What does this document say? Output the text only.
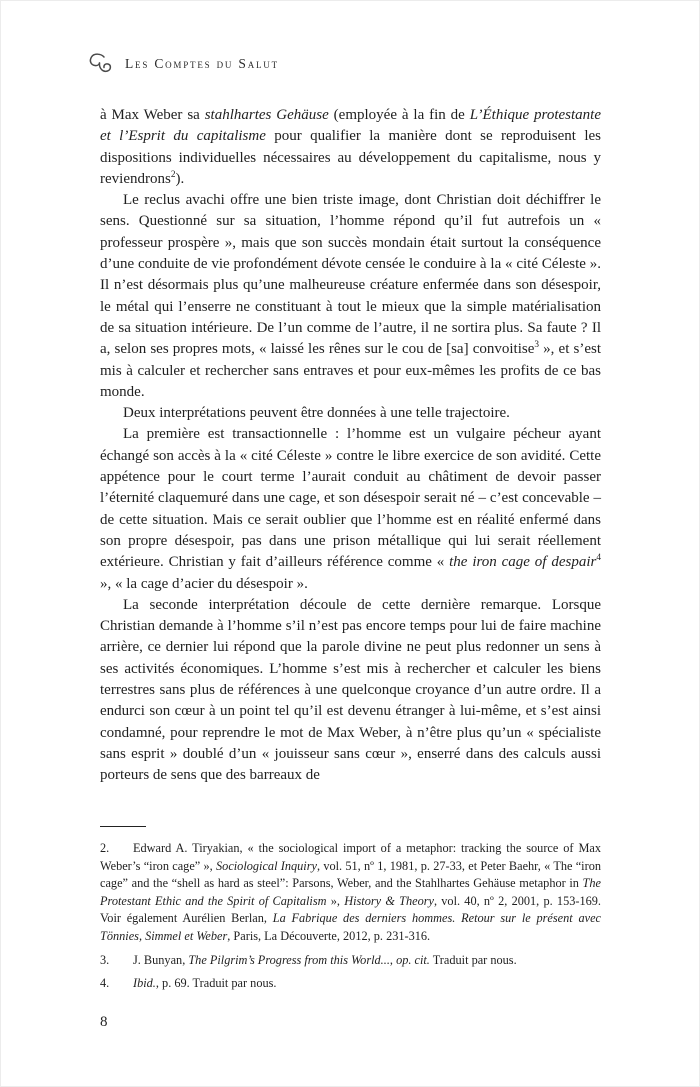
Les Comptes du Salut

à Max Weber sa stahlhartes Gehäuse (employée à la fin de L’Éthique protestante et l’Esprit du capitalisme pour qualifier la manière dont se reproduisent les dispositions individuelles nécessaires au développement du capitalisme, nous y reviendrons$^2$).

Le reclus avachi offre une bien triste image, dont Christian doit déchiffrer le sens. Questionné sur sa situation, l’homme répond qu’il fut autrefois un « professeur prospère », mais que son succès mondain était surtout la conséquence d’une conduite de vie profondément dévote censée le conduire à la « cité Céleste ». Il n’est désormais plus qu’une malheureuse créature enfermée dans son désespoir, le métal qui l’enserre ne constituant à tout le mieux que la simple matérialisation de sa situation intérieure. De l’un comme de l’autre, il ne sortira plus. Sa faute ? Il a, selon ses propres mots, « laissé les rênes sur le cou de [sa] convoitise$^3$ », et s’est mis à calculer et rechercher sans entraves et pour eux-mêmes les profits de ce bas monde.

Deux interprétations peuvent être données à une telle trajectoire.

La première est transactionnelle : l’homme est un vulgaire pécheur ayant échangé son accès à la « cité Céleste » contre le libre exercice de son avidité. Cette appétence pour le court terme l’aurait conduit au châtiment de devoir passer l’éternité claquemuré dans une cage, et son désespoir serait né – c’est concevable – de cette situation. Mais ce serait oublier que l’homme est en réalité enfermé dans son propre désespoir, pas dans une prison métallique qui lui serait réellement extérieure. Christian y fait d’ailleurs référence comme « the iron cage of despair$^4$ », « la cage d’acier du désespoir ».

La seconde interprétation découle de cette dernière remarque. Lorsque Christian demande à l’homme s’il n’est pas encore temps pour lui de faire machine arrière, ce dernier lui répond que la parole divine ne peut plus redonner un sens à ses activités économiques. L’homme s’est mis à rechercher et calculer les biens terrestres sans plus de références à une quelconque croyance d’un autre ordre. Il a endurci son cœur à un point tel qu’il est devenu étranger à lui-même, et s’est ainsi condamné, pour reprendre le mot de Max Weber, à n’être plus qu’un « spécialiste sans esprit » doublé d’un « jouisseur sans cœur », enserré dans des calculs aussi porteurs de sens que des barreaux de

2. Edward A. Tiryakian, « the sociological import of a metaphor: tracking the source of Max Weber’s “iron cage” », Sociological Inquiry, vol. 51, nº 1, 1981, p. 27-33, et Peter Baehr, « The “iron cage” and the “shell as hard as steel”: Parsons, Weber, and the Stahlhartes Gehäuse metaphor in The Protestant Ethic and the Spirit of Capitalism », History & Theory, vol. 40, nº 2, 2001, p. 153-169. Voir également Aurélien Berlan, La Fabrique des derniers hommes. Retour sur le présent avec Tönnies, Simmel et Weber, Paris, La Découverte, 2012, p. 231-316.

3. J. Bunyan, The Pilgrim’s Progress from this World..., op. cit. Traduit par nous.

4. Ibid., p. 69. Traduit par nous.

8
